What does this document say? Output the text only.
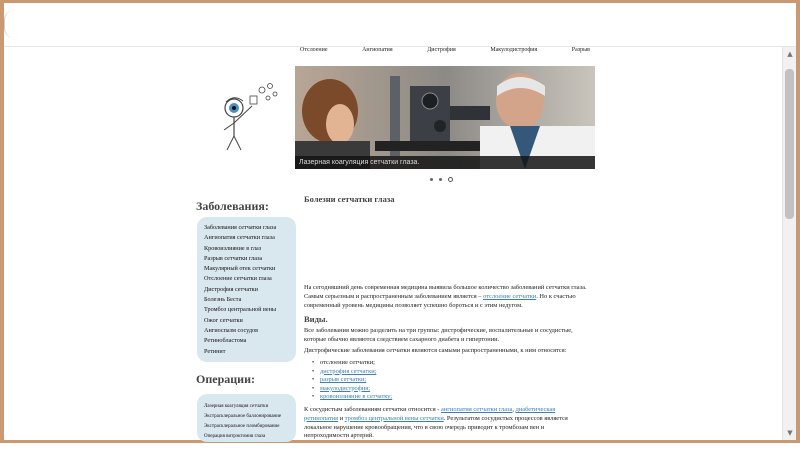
▲
▼
Отслоение	Ангиопатия	Дистрофия	Макулодистрофия	Разрыв
Лазерная коагуляция сетчатки глаза.
Заболевания:
Заболевания сетчатки глаза
Ангиопатия сетчатки глаза
Кровоизлияние в глаз
Разрыв сетчатки глаза
Макулярный отек сетчатки
Отслоение сетчатки глаза
Дистрофия сетчатки
Болезнь Беста
Тромбоз центральной вены
Ожог сетчатки
Ангиоспазм сосудов
Ретинобластома
Ретинит
Операции:
Лазерная коагуляция сетчатки
Экстрасклеральное баллонирование
Экстрасклеральное пломбирование
Операция витрэктомия глаза
Болезни сетчатки глаза
На сегодняшний день современная медицина выявила большое количество заболеваний сетчатки глаза. Самым серьезным и распространенным заболеванием является – отслоение сетчатки. Но к счастью современный уровень медицины позволяет успешно бороться и с этим недугом.
Виды.
Все заболевания можно разделить на три группы: дистрофические, воспалительные и сосудистые, которые обычно являются следствием сахарного диабета и гипертонии.
Дистрофические заболевания сетчатки являются самыми распространенными, к ним относятся:
• отслоение сетчатки;
• дистрофия сетчатки;
• разрыв сетчатки;
• макулодистрофия;
• кровоизлияние в сетчатку;
К сосудистым заболеваниям сетчатки относится - ангиопатия сетчатки глаза, диабетическая ретинопатия и тромбоз центральной вены сетчатки. Результатом сосудистых процессов является локальное нарушение кровообращения, что в свою очередь приводит к тромбозам вен и непроходимости артерий.
